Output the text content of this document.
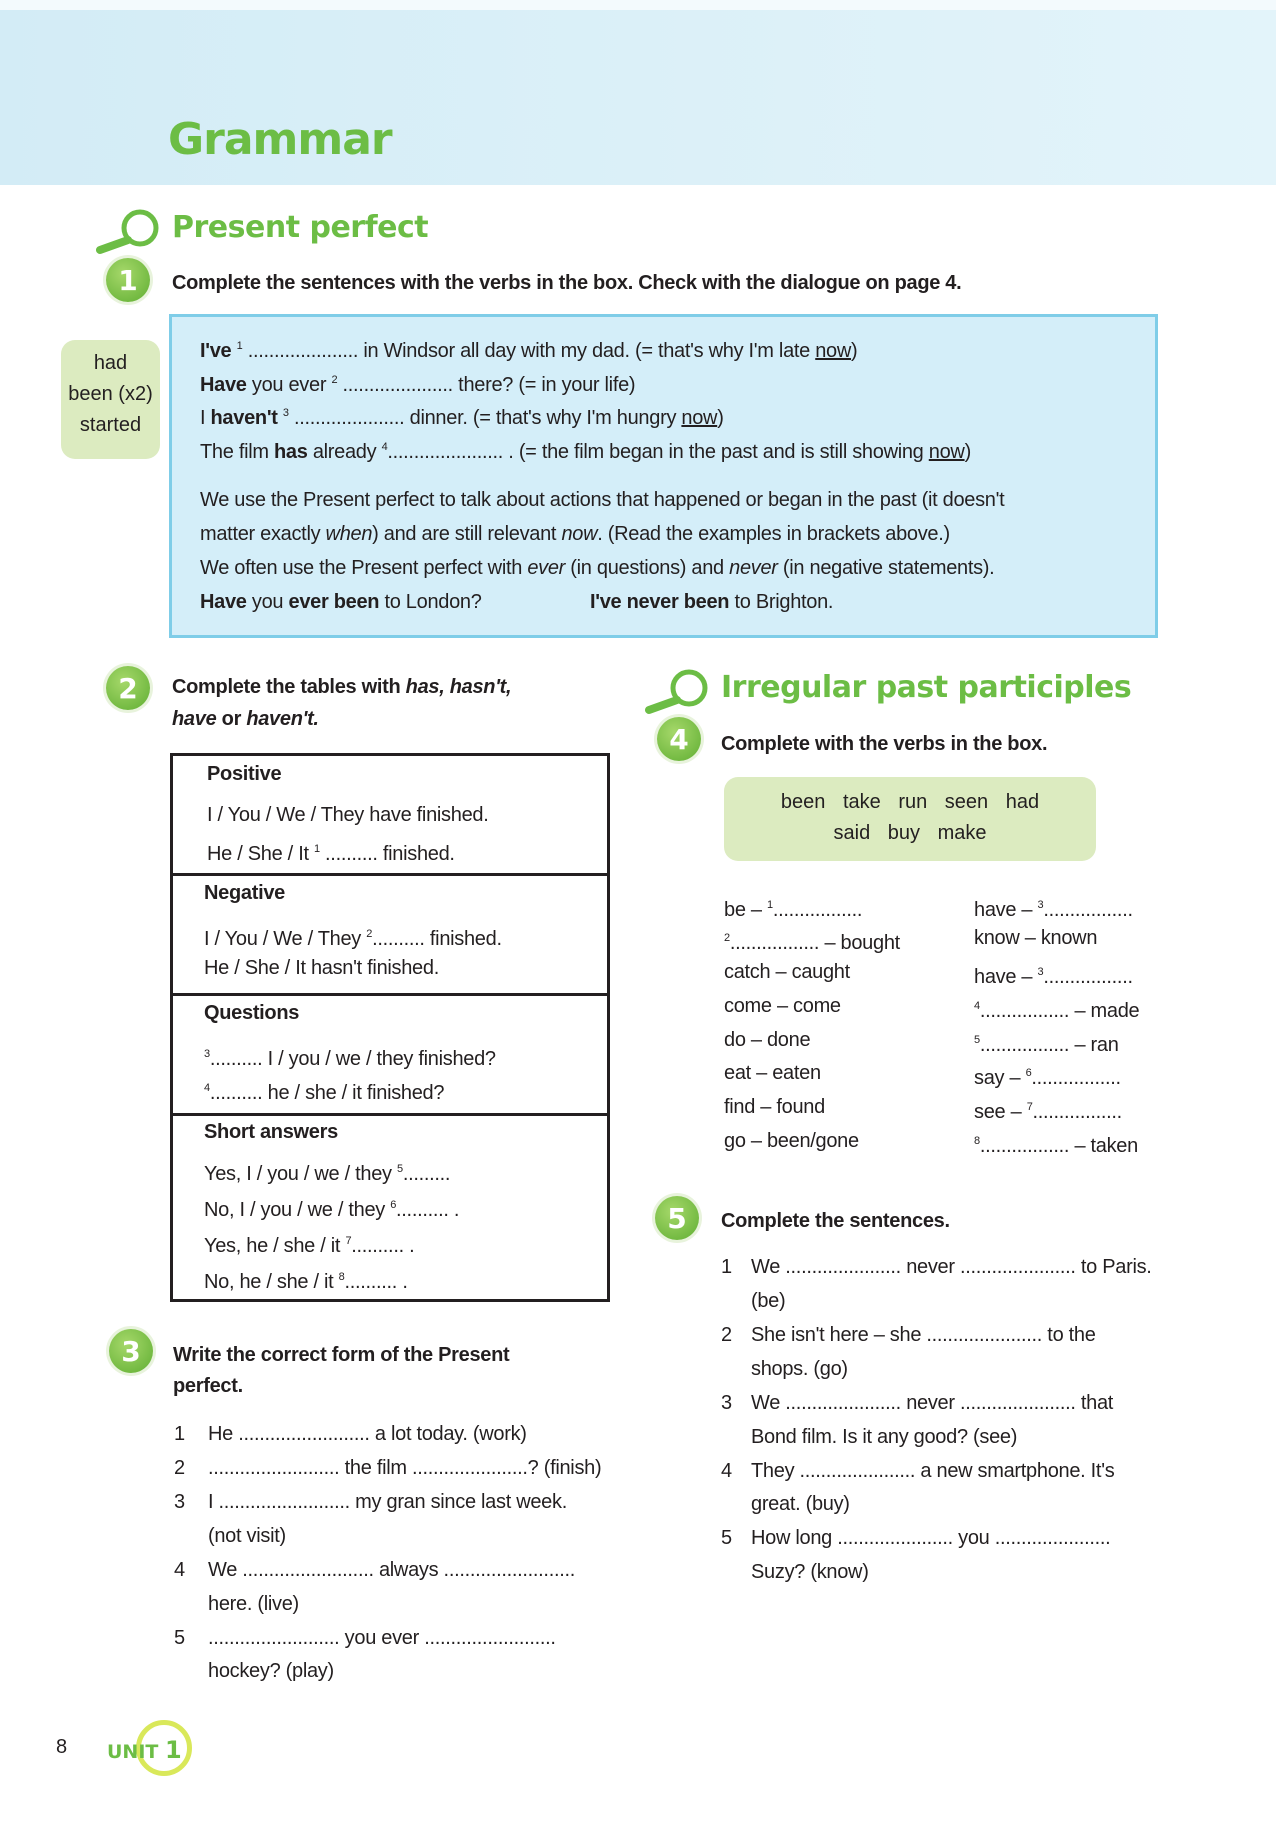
Grammar
Present perfect
1	Complete the sentences with the verbs in the box. Check with the dialogue on page 4.
had
been (x2)
started
I've $^1$ ..................... in Windsor all day with my dad. (= that's why I'm late now)
Have you ever $^2$ ..................... there? (= in your life)
I haven't $^3$ ..................... dinner. (= that's why I'm hungry now)
The film has already $^4$...................... . (= the film began in the past and is still showing now)
We use the Present perfect to talk about actions that happened or began in the past (it doesn't
matter exactly when) and are still relevant now. (Read the examples in brackets above.)
We often use the Present perfect with ever (in questions) and never (in negative statements).
Have you ever been to London?	I've never been to Brighton.
2	Complete the tables with has, hasn't,
have or haven't.
Positive
I / You / We / They have finished.
He / She / It $^1$ .......... finished.
Negative
I / You / We / They $^2$.......... finished.
He / She / It hasn't finished.
Questions
$^3$.......... I / you / we / they finished?
$^4$.......... he / she / it finished?
Short answers
Yes, I / you / we / they $^5$.........
No, I / you / we / they $^6$.......... .
Yes, he / she / it $^7$.......... .
No, he / she / it $^8$.......... .
3	Write the correct form of the Present
perfect.
1 He ......................... a lot today. (work)
2 ......................... the film ......................? (finish)
3 I ......................... my gran since last week.
(not visit)
4 We ......................... always .........................
here. (live)
5 ......................... you ever .........................
hockey? (play)
Irregular past participles
4	Complete with the verbs in the box.
been take run seen had
said buy make
be – $^1$.................	have – $^3$.................
$^2$................. – bought	know – known
catch – caught	have – $^3$.................
come – come	$^4$................. – made
do – done	$^5$................. – ran
eat – eaten	say – $^6$.................
find – found	see – $^7$.................
go – been/gone	$^8$................. – taken
5	Complete the sentences.
1 We ...................... never ...................... to Paris.
(be)
2 She isn't here – she ...................... to the
shops. (go)
3 We ...................... never ...................... that
Bond film. Is it any good? (see)
4 They ...................... a new smartphone. It's
great. (buy)
5 How long ...................... you ......................
Suzy? (know)
8 UNIT 1
